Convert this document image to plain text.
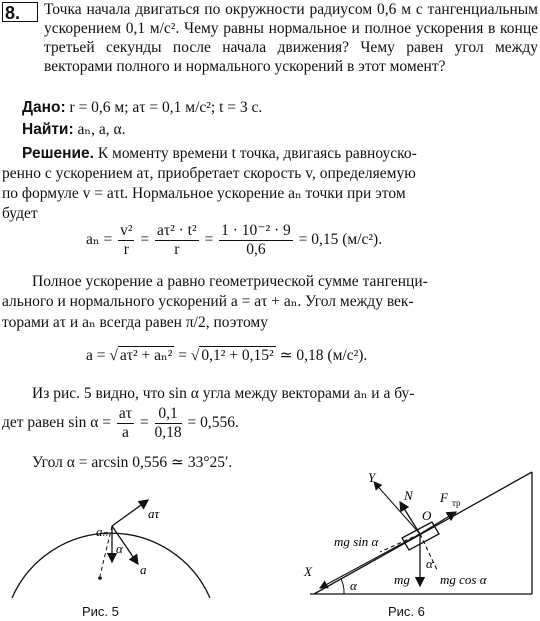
8.	Точка начала двигаться по окружности радиусом 0,6 м с тангенциальным ускорением 0,1 м/с². Чему равны нормальное и полное ускорения в конце третьей секунды после начала движения? Чему равен угол между векторами полного и нормального ускорений в этот момент?
Дано: r = 0,6 м; aτ = 0,1 м/с²; t = 3 с.
Найти: aₙ, a, α.
Решение. К моменту времени t точка, двигаясь равноуско-
ренно с ускорением aτ, приобретает скорость v, определяемую
по формуле v = aτt. Нормальное ускорение aₙ точки при этом
будет
$a_n = \frac{\text{v²}}{r} = \frac{\text{aτ² · t²}}{r} = \frac{\text{1 · 10⁻² · 9}}{0,6} = 0,15$ (м/с²).
Полное ускорение a равно геометрической сумме тангенци-
ального и нормального ускорений a = aτ + aₙ. Угол между век-
торами aτ и aₙ всегда равен π/2, поэтому
a = √ aτ² + aₙ² = √ 0,1² + 0,15² ≃ 0,18 (м/с²).
Из рис. 5 видно, что sin α угла между векторами aₙ и a бу-
дет равен $\sin \alpha = \frac{a\tau}{a} = \frac{0,1}{0,18} = 0,556$.
Угол α = arcsin 0,556 ≃ 33°25′.
aτ
aₙ
α
a
Рис. 5
Y
N F тр
O
mg sin α
X
α	mg
α
mg cos α
Рис. 6
